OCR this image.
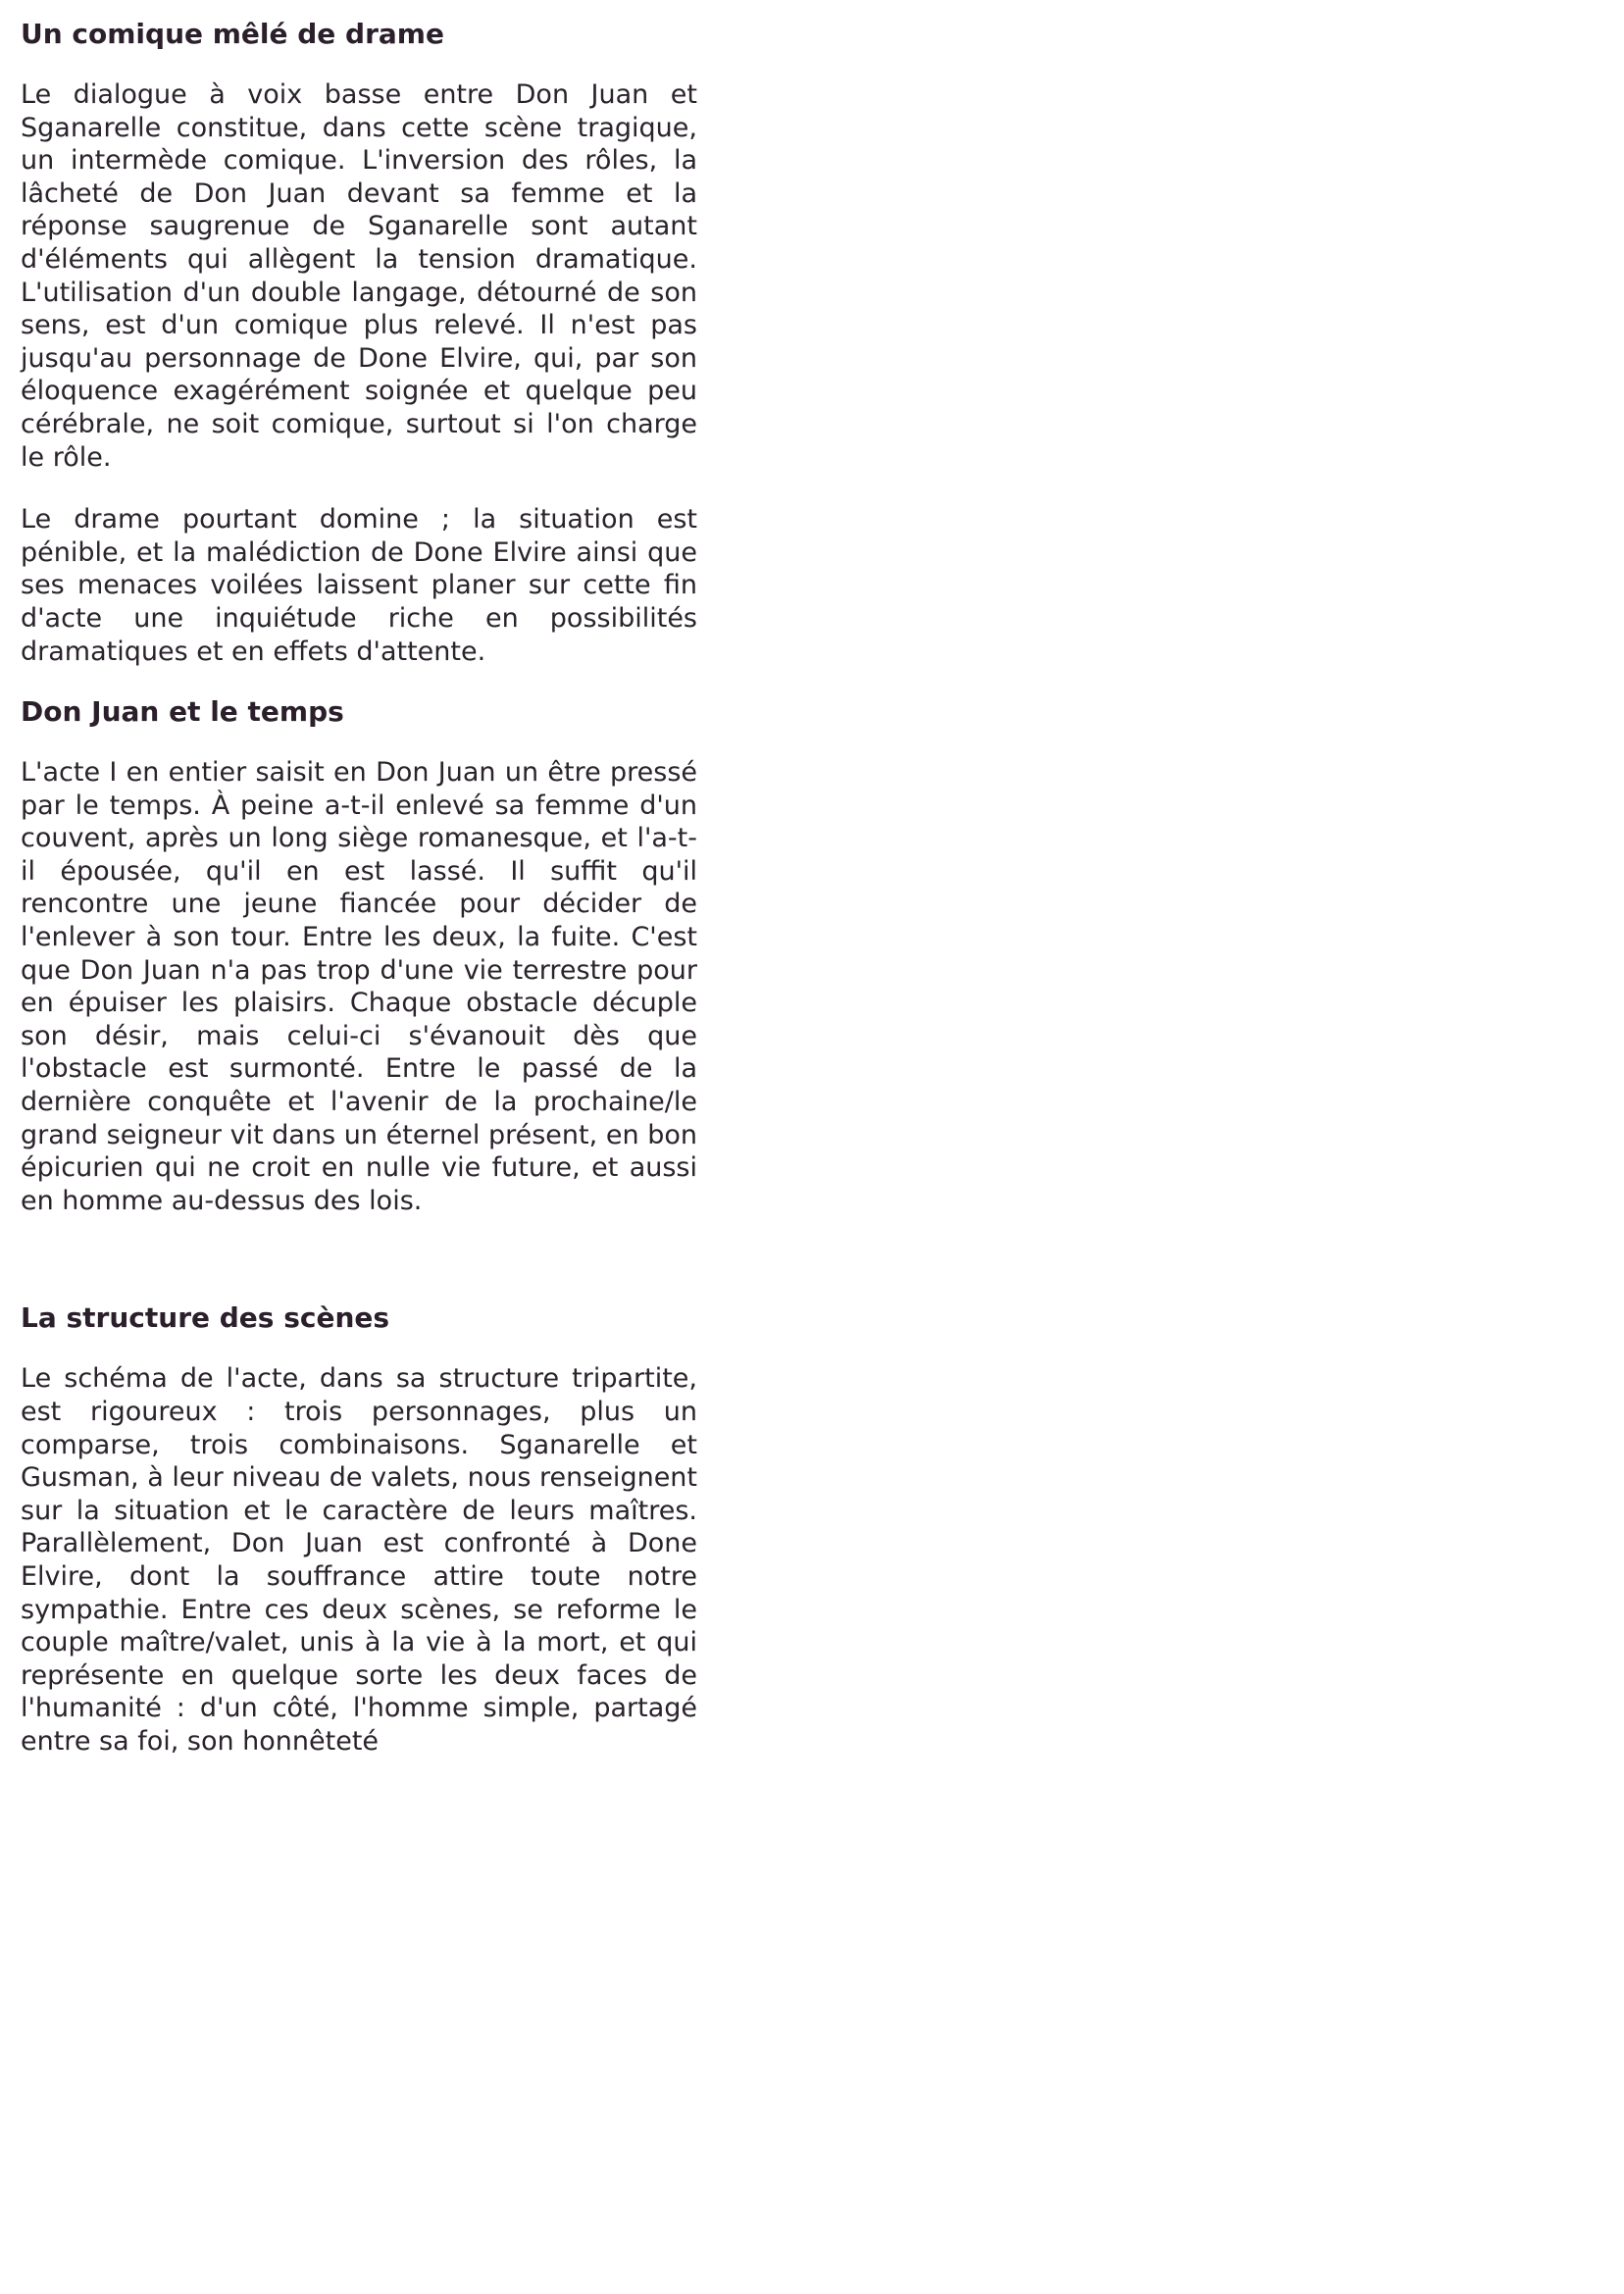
Un comique mêlé de drame

Le dialogue à voix basse entre Don Juan et Sganarelle constitue, dans cette scène tragique, un intermède comique. L'inversion des rôles, la lâcheté de Don Juan devant sa femme et la réponse saugrenue de Sganarelle sont autant d'éléments qui allègent la tension dramatique. L'utilisation d'un double langage, détourné de son sens, est d'un comique plus relevé. Il n'est pas jusqu'au personnage de Done Elvire, qui, par son éloquence exagérément soignée et quelque peu cérébrale, ne soit comique, surtout si l'on charge le rôle.

Le drame pourtant domine ; la situation est pénible, et la malédiction de Done Elvire ainsi que ses menaces voilées laissent planer sur cette fin d'acte une inquiétude riche en possibilités dramatiques et en effets d'attente.

Don Juan et le temps

L'acte I en entier saisit en Don Juan un être pressé par le temps. À peine a-t-il enlevé sa femme d'un couvent, après un long siège romanesque, et l'a-t-il épousée, qu'il en est lassé. Il suffit qu'il rencontre une jeune fiancée pour décider de l'enlever à son tour. Entre les deux, la fuite. C'est que Don Juan n'a pas trop d'une vie terrestre pour en épuiser les plaisirs. Chaque obstacle décuple son désir, mais celui-ci s'évanouit dès que l'obstacle est surmonté. Entre le passé de la dernière conquête et l'avenir de la prochaine/le grand seigneur vit dans un éternel présent, en bon épicurien qui ne croit en nulle vie future, et aussi en homme au-dessus des lois.

La structure des scènes

Le schéma de l'acte, dans sa structure tripartite, est rigoureux : trois personnages, plus un comparse, trois combinaisons. Sganarelle et Gusman, à leur niveau de valets, nous renseignent sur la situation et le caractère de leurs maîtres. Parallèlement, Don Juan est confronté à Done Elvire, dont la souffrance attire toute notre sympathie. Entre ces deux scènes, se reforme le couple maître/valet, unis à la vie à la mort, et qui représente en quelque sorte les deux faces de l'humanité : d'un côté, l'homme simple, partagé entre sa foi, son honnêteté
